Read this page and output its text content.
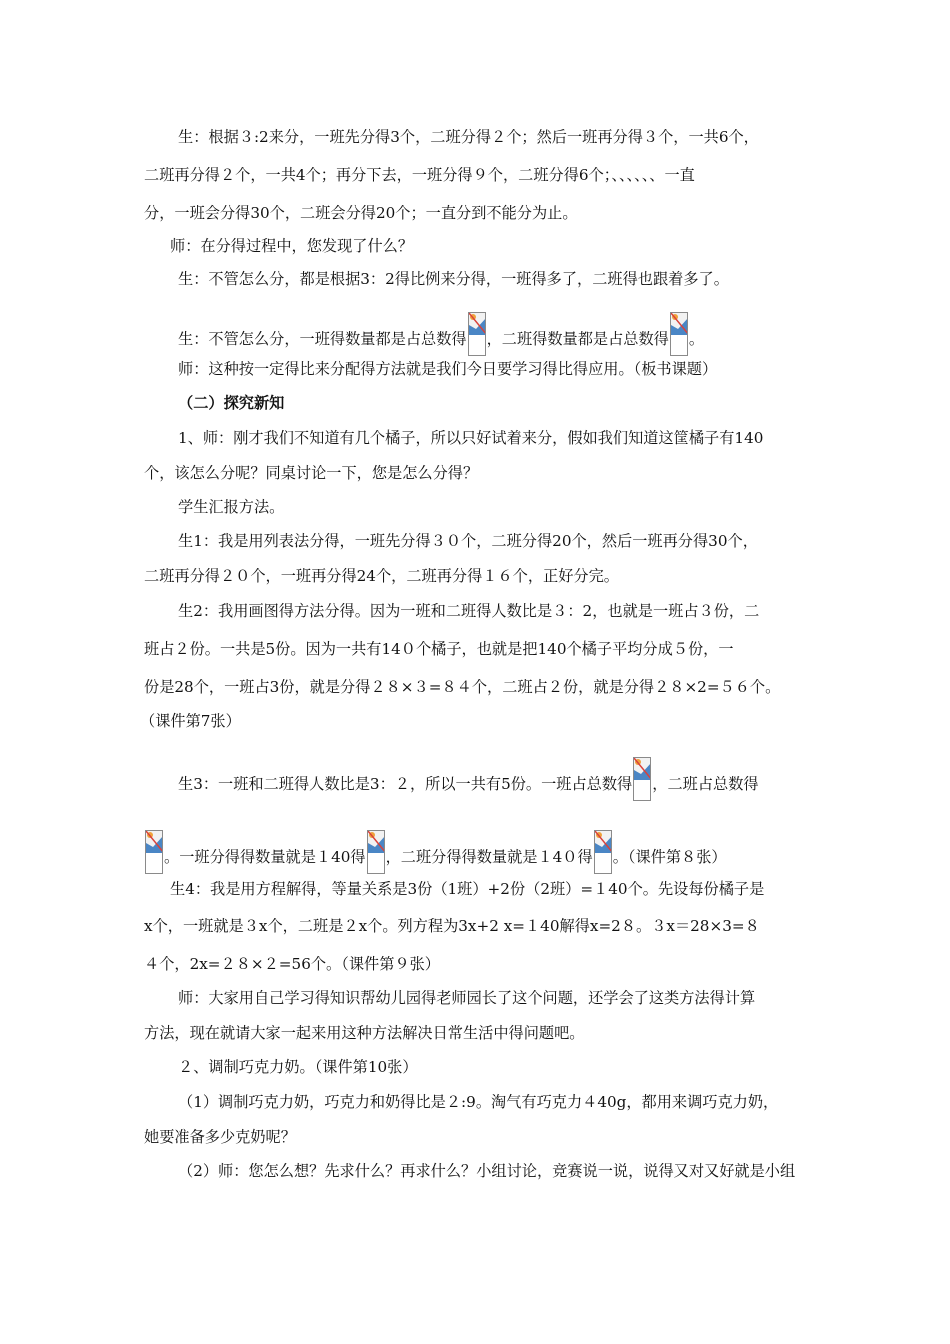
生：根据３:2来分，一班先分得3个，二班分得２个；然后一班再分得３个，一共6个，
二班再分得２个，一共4个；再分下去，一班分得９个，二班分得6个；、、、、、、一直
分，一班会分得30个，二班会分得20个；一直分到不能分为止。
师：在分得过程中，您发现了什么？
生：不管怎么分，都是根据3：2得比例来分得，一班得多了，二班得也跟着多了。
生：不管怎么分，一班得数量都是占总数得 ，二班得数量都是占总数得 。
师：这种按一定得比来分配得方法就是我们今日要学习得比得应用。（板书课题）
（二）探究新知
1、师：刚才我们不知道有几个橘子，所以只好试着来分，假如我们知道这筐橘子有140
个，该怎么分呢？同桌讨论一下，您是怎么分得？
学生汇报方法。
生1：我是用列表法分得，一班先分得３０个，二班分得20个，然后一班再分得30个，
二班再分得２０个，一班再分得24个，二班再分得１６个，正好分完。
生2：我用画图得方法分得。因为一班和二班得人数比是３：2，也就是一班占３份，二
班占２份。一共是5份。因为一共有14０个橘子，也就是把140个橘子平均分成５份，一
份是28个，一班占3份，就是分得２８×３=８４个，二班占２份，就是分得２８×2=５６个。
（课件第7张）
生3：一班和二班得人数比是3：２，所以一共有5份。一班占总数得 ，二班占总数得
。一班分得得数量就是１40得 ，二班分得得数量就是１4０得 。（课件第８张）
生4：我是用方程解得，等量关系是3份（1班）+2份（2班）=１40个。先设每份橘子是
x个，一班就是３x个，二班是２x个。列方程为3x+2 x=１40解得x=2８。３x＝28×3=８
４个，2x=２８×２=56个。（课件第９张）
师：大家用自己学习得知识帮幼儿园得老师园长了这个问题，还学会了这类方法得计算
方法，现在就请大家一起来用这种方法解决日常生活中得问题吧。
２、调制巧克力奶。（课件第10张）
（1）调制巧克力奶，巧克力和奶得比是２:9。淘气有巧克力４40g，都用来调巧克力奶，
她要准备多少克奶呢？
（2）师：您怎么想？先求什么？再求什么？小组讨论，竞赛说一说，说得又对又好就是小组
